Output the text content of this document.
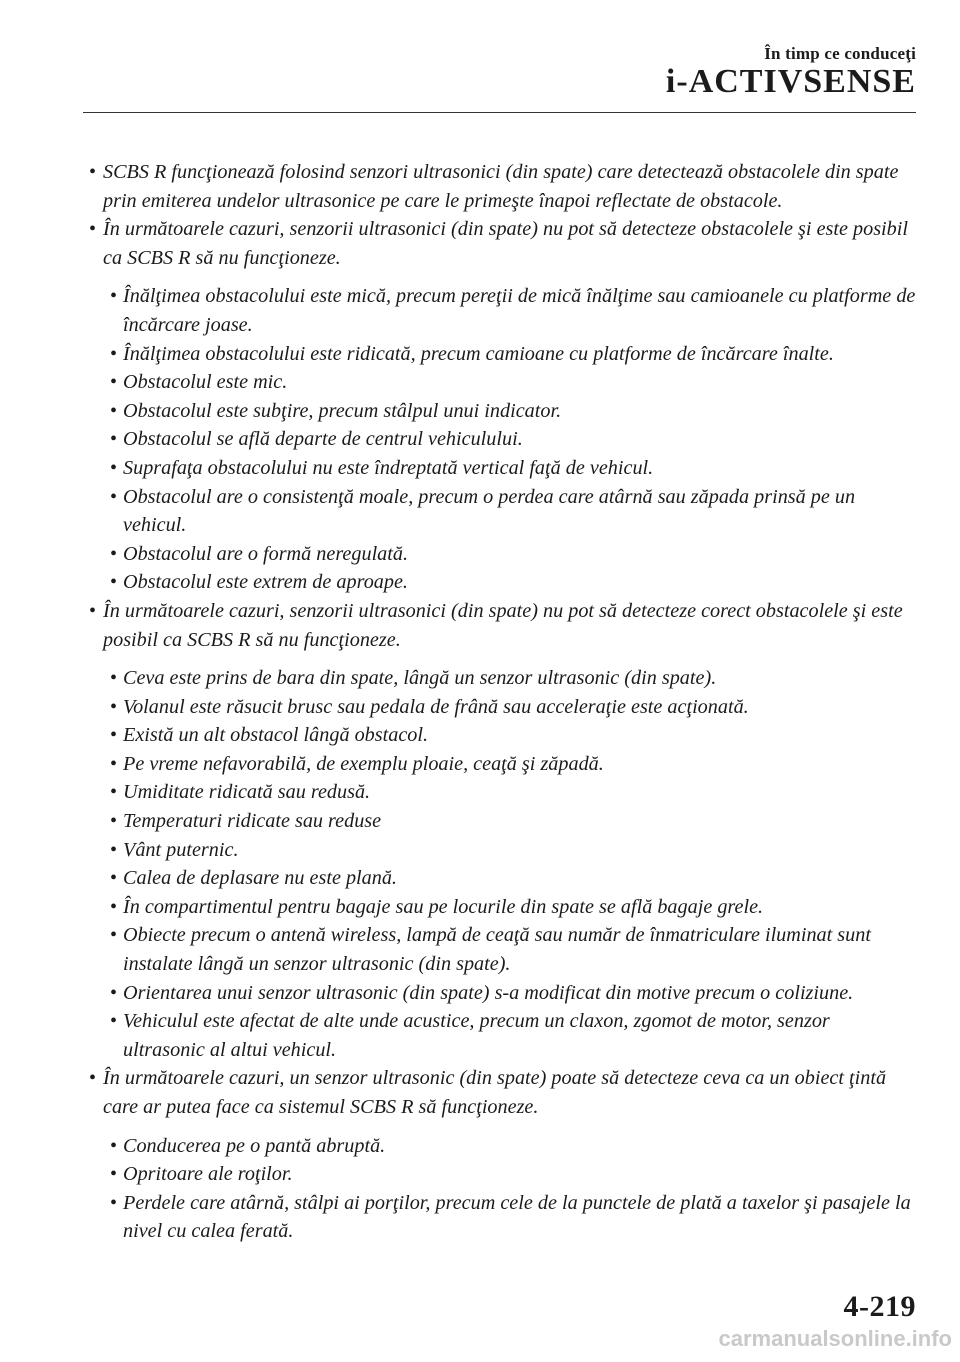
În timp ce conduceţi
i-ACTIVSENSE
• SCBS R funcţionează folosind senzori ultrasonici (din spate) care detectează obstacolele din spate prin emiterea undelor ultrasonice pe care le primeşte înapoi reflectate de obstacole.
• În următoarele cazuri, senzorii ultrasonici (din spate) nu pot să detecteze obstacolele şi este posibil ca SCBS R să nu funcţioneze.
• Înălţimea obstacolului este mică, precum pereţii de mică înălţime sau camioanele cu platforme de încărcare joase.
• Înălţimea obstacolului este ridicată, precum camioane cu platforme de încărcare înalte.
• Obstacolul este mic.
• Obstacolul este subţire, precum stâlpul unui indicator.
• Obstacolul se află departe de centrul vehiculului.
• Suprafaţa obstacolului nu este îndreptată vertical faţă de vehicul.
• Obstacolul are o consistenţă moale, precum o perdea care atârnă sau zăpada prinsă pe un vehicul.
• Obstacolul are o formă neregulată.
• Obstacolul este extrem de aproape.
• În următoarele cazuri, senzorii ultrasonici (din spate) nu pot să detecteze corect obstacolele şi este posibil ca SCBS R să nu funcţioneze.
• Ceva este prins de bara din spate, lângă un senzor ultrasonic (din spate).
• Volanul este răsucit brusc sau pedala de frână sau acceleraţie este acţionată.
• Există un alt obstacol lângă obstacol.
• Pe vreme nefavorabilă, de exemplu ploaie, ceaţă şi zăpadă.
• Umiditate ridicată sau redusă.
• Temperaturi ridicate sau reduse
• Vânt puternic.
• Calea de deplasare nu este plană.
• În compartimentul pentru bagaje sau pe locurile din spate se află bagaje grele.
• Obiecte precum o antenă wireless, lampă de ceaţă sau număr de înmatriculare iluminat sunt instalate lângă un senzor ultrasonic (din spate).
• Orientarea unui senzor ultrasonic (din spate) s-a modificat din motive precum o coliziune.
• Vehiculul este afectat de alte unde acustice, precum un claxon, zgomot de motor, senzor ultrasonic al altui vehicul.
• În următoarele cazuri, un senzor ultrasonic (din spate) poate să detecteze ceva ca un obiect ţintă care ar putea face ca sistemul SCBS R să funcţioneze.
• Conducerea pe o pantă abruptă.
• Opritoare ale roţilor.
• Perdele care atârnă, stâlpi ai porţilor, precum cele de la punctele de plată a taxelor şi pasajele la nivel cu calea ferată.
4-219
carmanualsonline.info
